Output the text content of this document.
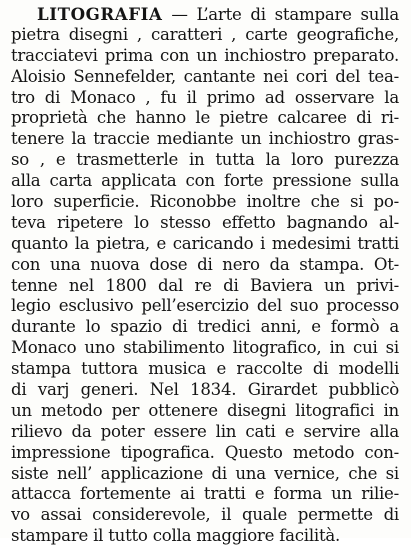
LITOGRAFIA — L’arte di stampare sulla
pietra disegni , caratteri , carte geografiche,
tracciatevi prima con un inchiostro preparato.
Aloisio Sennefelder, cantante nei cori del tea-
tro di Monaco , fu il primo ad osservare la
proprietà che hanno le pietre calcaree di ri-
tenere la traccie mediante un inchiostro gras-
so , e trasmetterle in tutta la loro purezza
alla carta applicata con forte pressione sulla
loro superficie. Riconobbe inoltre che si po-
teva ripetere lo stesso effetto bagnando al-
quanto la pietra, e caricando i medesimi tratti
con una nuova dose di nero da stampa. Ot-
tenne nel 1800 dal re di Baviera un privi-
legio esclusivo pell’esercizio del suo processo
durante lo spazio di tredici anni, e formò a
Monaco uno stabilimento litografico, in cui si
stampa tuttora musica e raccolte di modelli
di varj generi. Nel 1834. Girardet pubblicò
un metodo per ottenere disegni litografici in
rilievo da poter essere lin cati e servire alla
impressione tipografica. Questo metodo con-
siste nell’ applicazione di una vernice, che si
attacca fortemente ai tratti e forma un rilie-
vo assai considerevole, il quale permette di
stampare il tutto colla maggiore facilità.
